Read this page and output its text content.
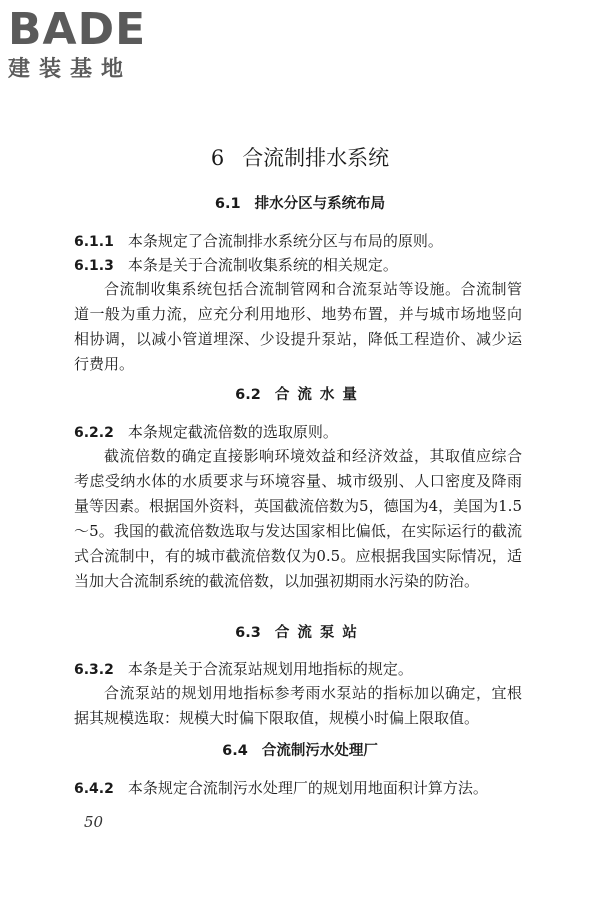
BADE
建装基地
6 合流制排水系统
6.1 排水分区与系统布局
6.1.1 本条规定了合流制排水系统分区与布局的原则。
6.1.3 本条是关于合流制收集系统的相关规定。

合流制收集系统包括合流制管网和合流泵站等设施。合流制管道一般为重力流，应充分利用地形、地势布置，并与城市场地竖向相协调，以减小管道埋深、少设提升泵站，降低工程造价、减少运行费用。

6.2 合流水量
6.2.2 本条规定截流倍数的选取原则。

截流倍数的确定直接影响环境效益和经济效益，其取值应综合考虑受纳水体的水质要求与环境容量、城市级别、人口密度及降雨量等因素。根据国外资料，英国截流倍数为5，德国为4，美国为1.5～5。我国的截流倍数选取与发达国家相比偏低，在实际运行的截流式合流制中，有的城市截流倍数仅为0.5。应根据我国实际情况，适当加大合流制系统的截流倍数，以加强初期雨水污染的防治。

6.3 合流泵站
6.3.2 本条是关于合流泵站规划用地指标的规定。

合流泵站的规划用地指标参考雨水泵站的指标加以确定，宜根据其规模选取：规模大时偏下限取值，规模小时偏上限取值。

6.4 合流制污水处理厂
6.4.2 本条规定合流制污水处理厂的规划用地面积计算方法。
50
